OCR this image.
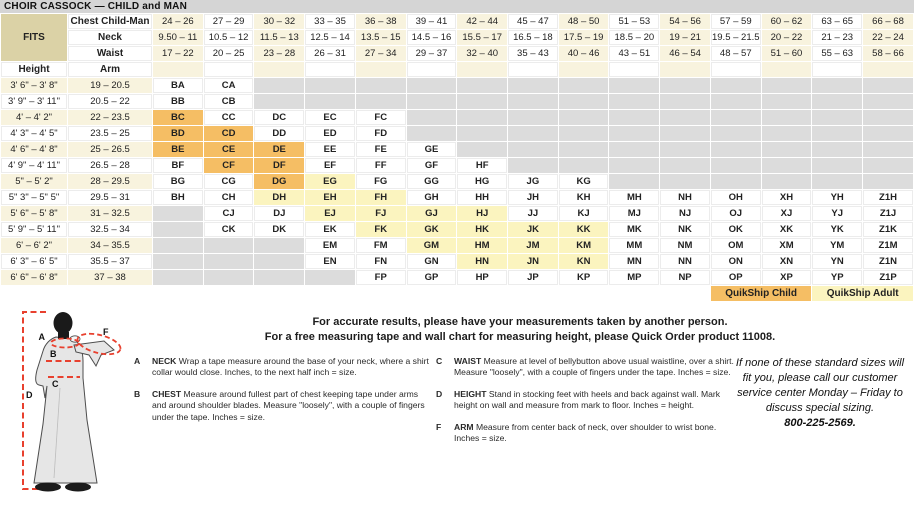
CHOIR CASSOCK — CHILD and MAN
FITS	Chest Child-Man	24 – 26	27 – 29	30 – 32	33 – 35	36 – 38	39 – 41	42 – 44	45 – 47	48 – 50	51 – 53	54 – 56	57 – 59	60 – 62	63 – 65	66 – 68
	Neck	9.50 – 11	10.5 – 12	11.5 – 13	12.5 – 14	13.5 – 15	14.5 – 16	15.5 – 17	16.5 – 18	17.5 – 19	18.5 – 20	19 – 21	19.5 – 21.5	20 – 22	21 – 23	22 – 24
	Waist	17 – 22	20 – 25	23 – 28	26 – 31	27 – 34	29 – 37	32 – 40	35 – 43	40 – 46	43 – 51	46 – 54	48 – 57	51 – 60	55 – 63	58 – 66
Height	Arm															
3' 6" – 3' 8"	19 – 20.5	BA	CA													
3' 9" – 3' 11"	20.5 – 22	BB	CB													
4' – 4' 2"	22 – 23.5	BC	CC	DC	EC	FC										
4' 3" – 4' 5"	23.5 – 25	BD	CD	DD	ED	FD										
4' 6" – 4' 8"	25 – 26.5	BE	CE	DE	EE	FE	GE									
4' 9" – 4' 11"	26.5 – 28	BF	CF	DF	EF	FF	GF	HF								
5" – 5' 2"	28 – 29.5	BG	CG	DG	EG	FG	GG	HG	JG	KG						
5" 3" – 5" 5"	29.5 – 31	BH	CH	DH	EH	FH	GH	HH	JH	KH	MH	NH	OH	XH	YH	Z1H
5' 6" – 5' 8"	31 – 32.5		CJ	DJ	EJ	FJ	GJ	HJ	JJ	KJ	MJ	NJ	OJ	XJ	YJ	Z1J
5' 9" – 5' 11"	32.5 – 34		CK	DK	EK	FK	GK	HK	JK	KK	MK	NK	OK	XK	YK	Z1K
6' – 6' 2"	34 – 35.5				EM	FM	GM	HM	JM	KM	MM	NM	OM	XM	YM	Z1M
6' 3" – 6' 5"	35.5 – 37				EN	FN	GN	HN	JN	KN	MN	NN	ON	XN	YN	Z1N
6' 6" – 6' 8"	37 – 38					FP	GP	HP	JP	KP	MP	NP	OP	XP	YP	Z1P
													QuikShip Child		QuikShip Adult	
A
B
C
D
F
For accurate results, please have your measurements taken by another person.
For a free measuring tape and wall chart for measuring height, please Quick Order product 11008.
A	NECK Wrap a tape measure around the base of your neck, where a shirt collar would close. Inches, to the next half inch = size.
B	CHEST Measure around fullest part of chest keeping tape under arms and around shoulder blades. Measure "loosely", with a couple of fingers under the tape. Inches = size.
C	WAIST Measure at level of bellybutton above usual waistline, over a shirt. Measure "loosely", with a couple of fingers under the tape. Inches = size.
D	HEIGHT Stand in stocking feet with heels and back against wall. Mark height on wall and measure from mark to floor. Inches = height.
F	ARM Measure from center back of neck, over shoulder to wrist bone. Inches = size.
If none of these standard sizes will fit you, please call our customer service center Monday – Friday to discuss special sizing.
800-225-2569.
